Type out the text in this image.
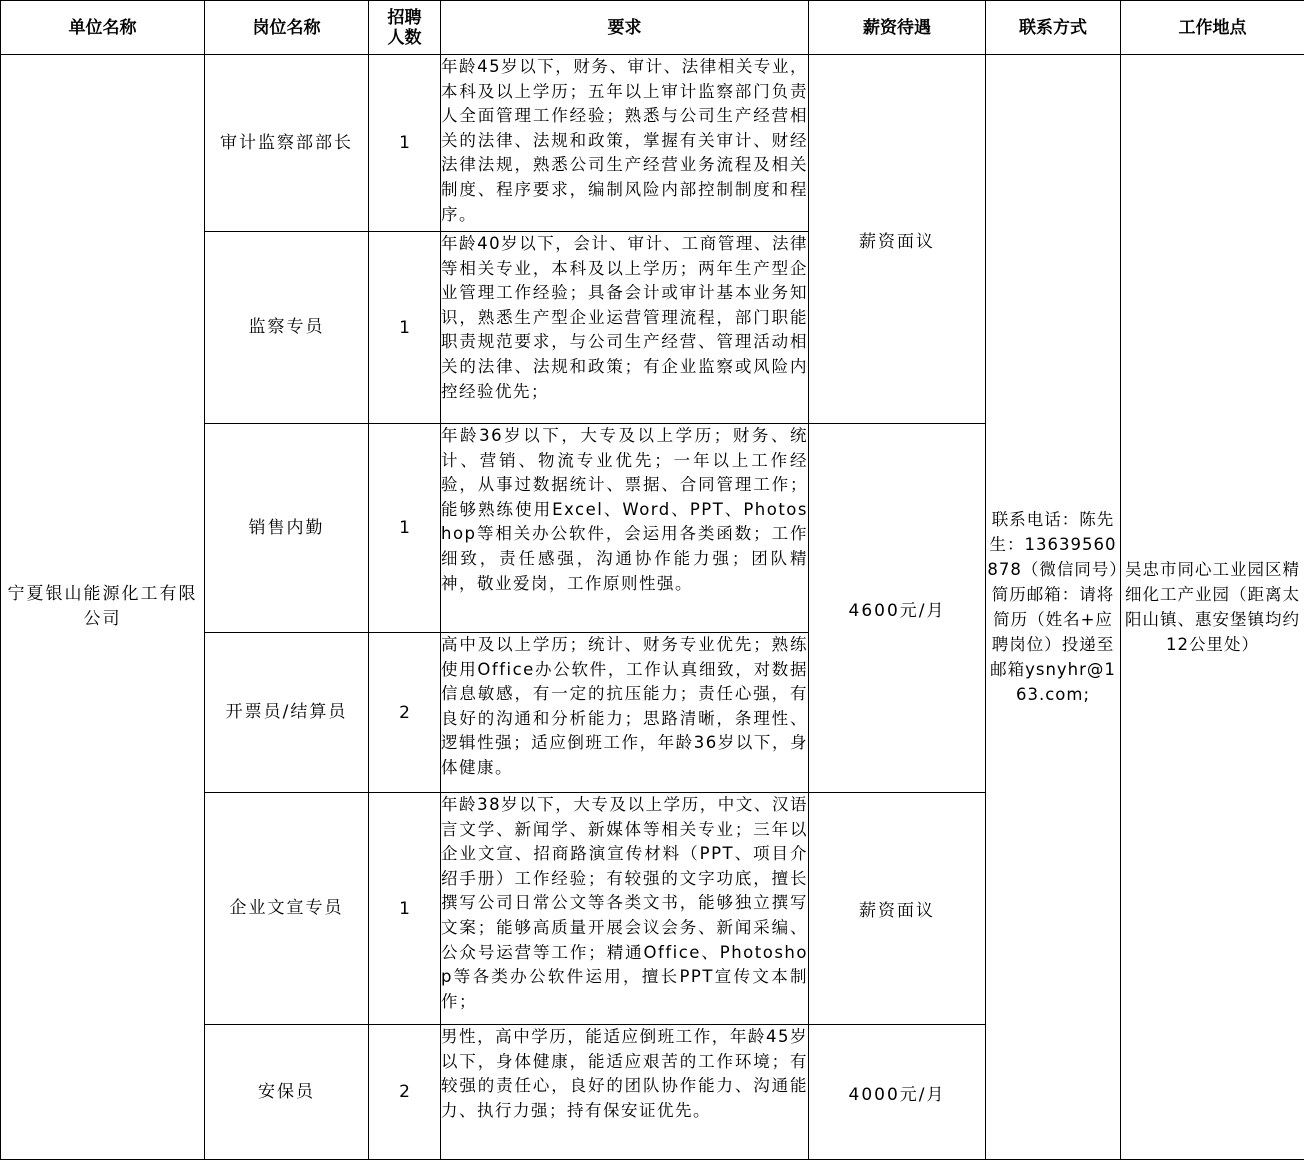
单位名称	岗位名称	招聘人数	要求	薪资待遇	联系方式	工作地点
宁夏银山能源化工有限公司	审计监察部部长	1	年龄45岁以下，财务、审计、法律相关专业，本科及以上学历；五年以上审计监察部门负责人全面管理工作经验；熟悉与公司生产经营相关的法律、法规和政策，掌握有关审计、财经法律法规，熟悉公司生产经营业务流程及相关制度、程序要求，编制风险内部控制制度和程序。	薪资面议	联系电话：陈先生：13639560878（微信同号）简历邮箱：请将简历（姓名+应聘岗位）投递至邮箱ysnyhr@163.com;	吴忠市同心工业园区精细化工产业园（距离太阳山镇、惠安堡镇均约12公里处）
	监察专员	1	年龄40岁以下，会计、审计、工商管理、法律等相关专业，本科及以上学历；两年生产型企业管理工作经验；具备会计或审计基本业务知识，熟悉生产型企业运营管理流程，部门职能职责规范要求，与公司生产经营、管理活动相关的法律、法规和政策；有企业监察或风险内控经验优先；			
	销售内勤	1	年龄36岁以下，大专及以上学历；财务、统计、营销、物流专业优先；一年以上工作经验，从事过数据统计、票据、合同管理工作；能够熟练使用Excel、Word、PPT、Photoshop等相关办公软件，会运用各类函数；工作细致，责任感强，沟通协作能力强；团队精神，敬业爱岗，工作原则性强。	4600元/月		
	开票员/结算员	2	高中及以上学历；统计、财务专业优先；熟练使用Office办公软件，工作认真细致，对数据信息敏感，有一定的抗压能力；责任心强，有良好的沟通和分析能力；思路清晰，条理性、逻辑性强；适应倒班工作，年龄36岁以下，身体健康。			
	企业文宣专员	1	年龄38岁以下，大专及以上学历，中文、汉语言文学、新闻学、新媒体等相关专业；三年以企业文宣、招商路演宣传材料（PPT、项目介绍手册）工作经验；有较强的文字功底，擅长撰写公司日常公文等各类文书，能够独立撰写文案；能够高质量开展会议会务、新闻采编、公众号运营等工作；精通Office、Photoshop等各类办公软件运用，擅长PPT宣传文本制作；	薪资面议		
	安保员	2	男性，高中学历，能适应倒班工作，年龄45岁以下，身体健康，能适应艰苦的工作环境；有较强的责任心，良好的团队协作能力、沟通能力、执行力强；持有保安证优先。	4000元/月		
